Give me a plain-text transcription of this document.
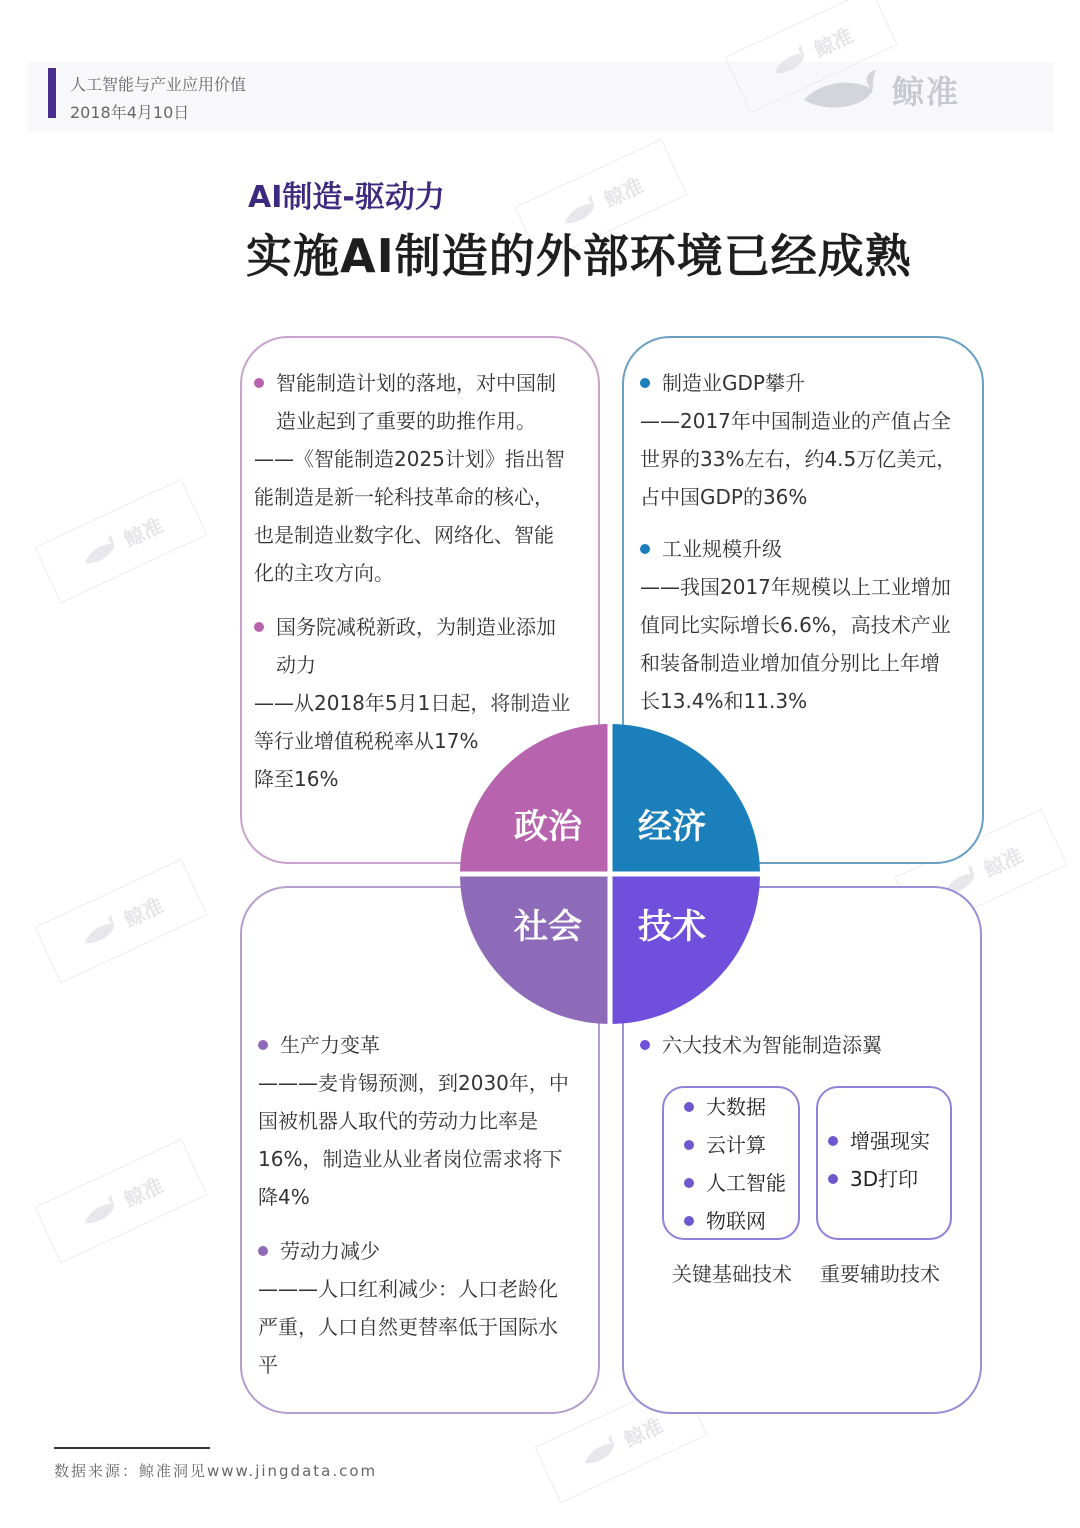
人工智能与产业应用价值
2018年4月10日
鲸准
鲸准
鲸准
鲸准
鲸准
鲸准
鲸准
鲸准
AI制造-驱动力
实施AI制造的外部环境已经成熟
智能制造计划的落地，对中国制
造业起到了重要的助推作用。
——《智能制造2025计划》指出智
能制造是新一轮科技革命的核心，
也是制造业数字化、网络化、智能
化的主攻方向。
国务院减税新政，为制造业添加
动力
——从2018年5月1日起，将制造业
等行业增值税税率从17%
降至16%
制造业GDP攀升
——2017年中国制造业的产值占全
世界的33%左右，约4.5万亿美元，
占中国GDP的36%
工业规模升级
——我国2017年规模以上工业增加
值同比实际增长6.6%，高技术产业
和装备制造业增加值分别比上年增
长13.4%和11.3%
生产力变革
———麦肯锡预测，到2030年，中
国被机器人取代的劳动力比率是
16%，制造业从业者岗位需求将下
降4%
劳动力减少
———人口红利减少：人口老龄化
严重，人口自然更替率低于国际水
平
六大技术为智能制造添翼
大数据
云计算
人工智能
物联网
增强现实
3D打印
关键基础技术 重要辅助技术
政治 经济
社会 技术
数据来源：鲸准洞见www.jingdata.com
